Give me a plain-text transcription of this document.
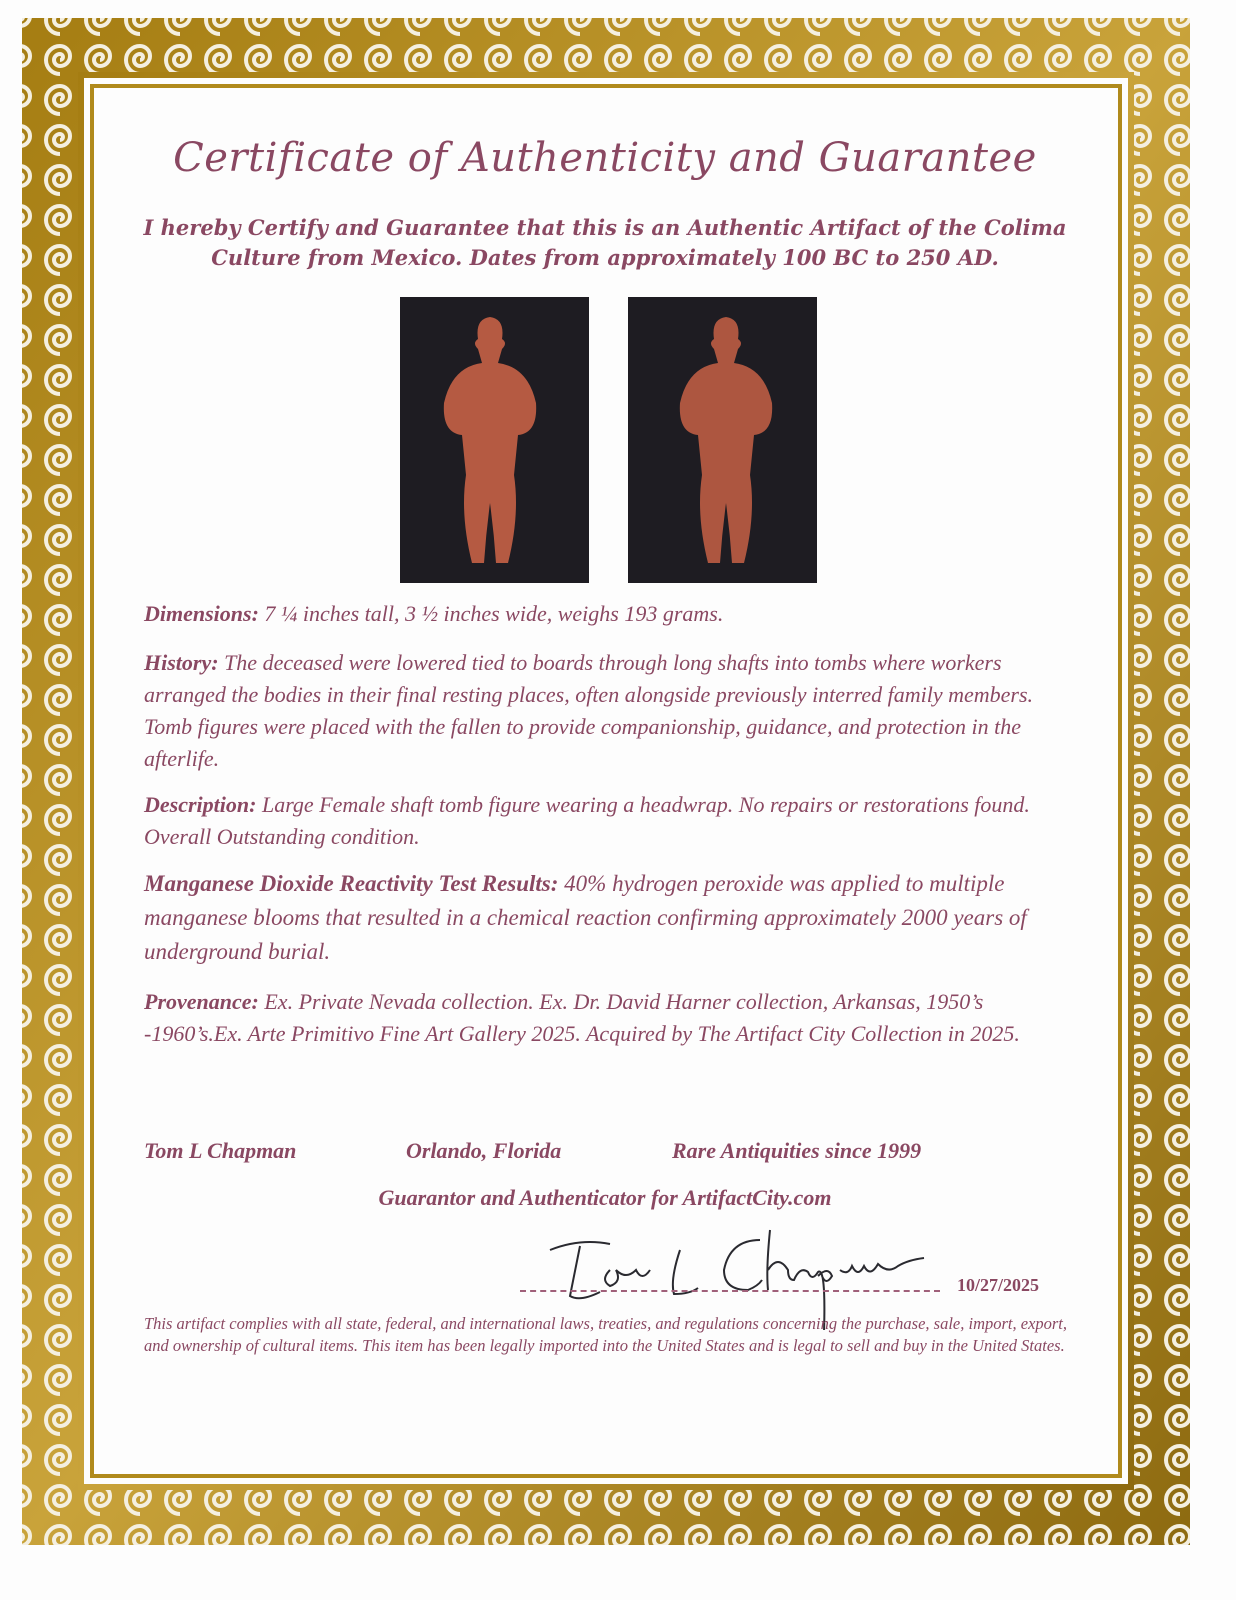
Certificate of Authenticity and Guarantee
I hereby Certify and Guarantee that this is an Authentic Artifact of the Colima Culture from Mexico. Dates from approximately 100 BC to 250 AD.
Dimensions: 7 ¼ inches tall, 3 ½ inches wide, weighs 193 grams.
History: The deceased were lowered tied to boards through long shafts into tombs where workers arranged the bodies in their final resting places, often alongside previously interred family members. Tomb figures were placed with the fallen to provide companionship, guidance, and protection in the afterlife.
Description: Large Female shaft tomb figure wearing a headwrap. No repairs or restorations found. Overall Outstanding condition.
Manganese Dioxide Reactivity Test Results: 40% hydrogen peroxide was applied to multiple manganese blooms that resulted in a chemical reaction confirming approximately 2000 years of underground burial.
Provenance: Ex. Private Nevada collection. Ex. Dr. David Harner collection, Arkansas, 1950’s -1960’s.Ex. Arte Primitivo Fine Art Gallery 2025. Acquired by The Artifact City Collection in 2025.
Tom L Chapman	Orlando, Florida	Rare Antiquities since 1999
Guarantor and Authenticator for ArtifactCity.com
10/27/2025
This artifact complies with all state, federal, and international laws, treaties, and regulations concerning the purchase, sale, import, export, and ownership of cultural items. This item has been legally imported into the United States and is legal to sell and buy in the United States.
